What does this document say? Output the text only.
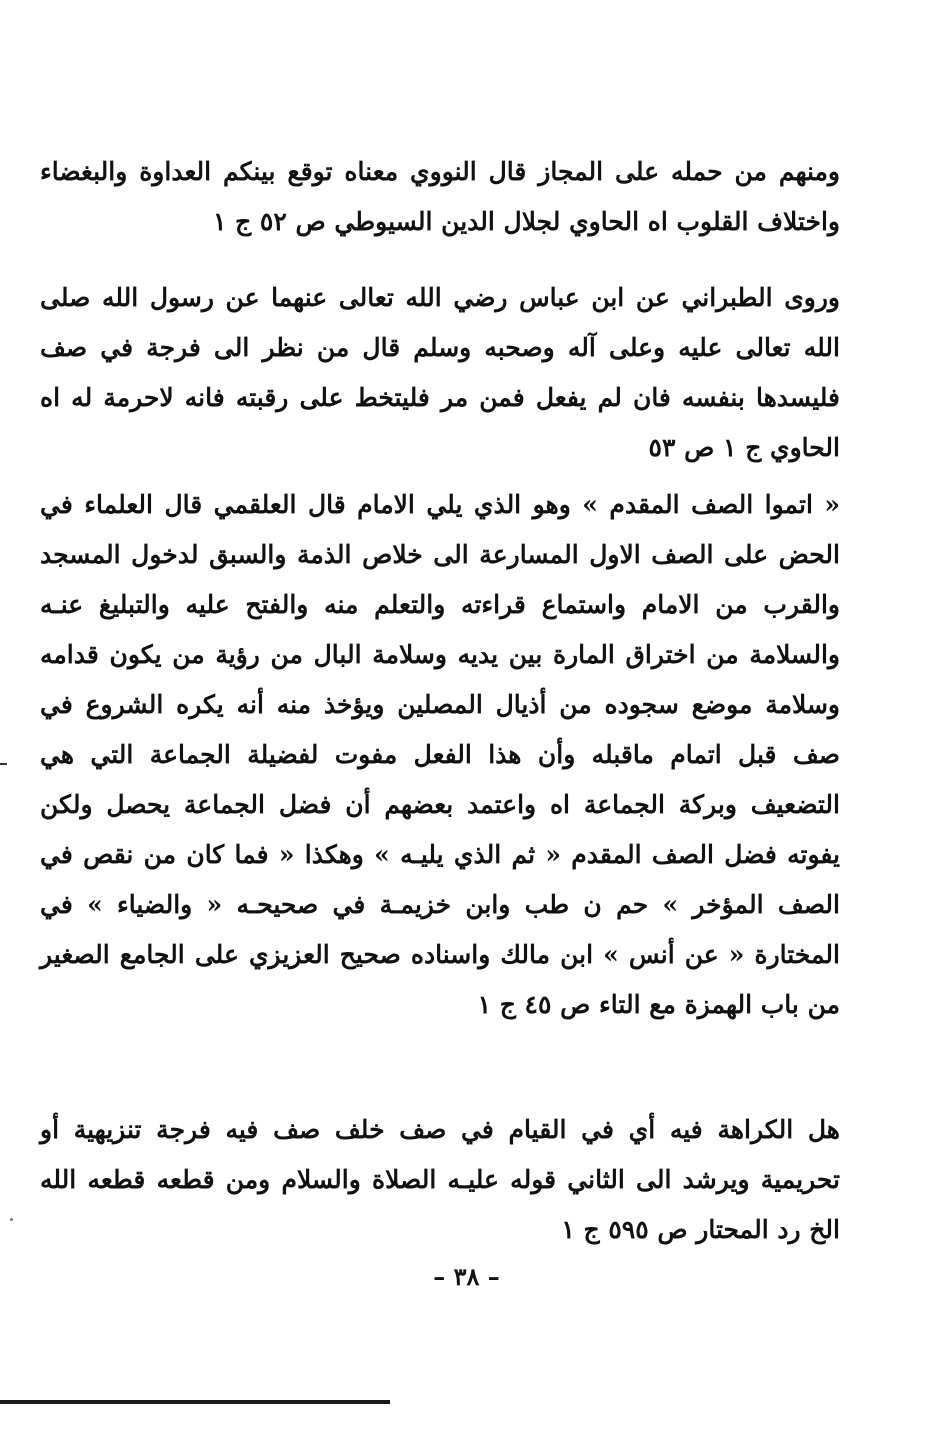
ومنهم من حمله على المجاز قال النووي معناه توقع بينكم العداوة والبغضاء واختلاف القلوب اه الحاوي لجلال الدين السيوطي ص ٥٢ ج ١

وروى الطبراني عن ابن عباس رضي الله تعالى عنهما عن رسول الله صلى الله تعالى عليه وعلى آله وصحبه وسلم قال من نظر الى فرجة في صف فليسدها بنفسه فان لم يفعل فمن مر فليتخط على رقبته فانه لاحرمة له اه الحاوي ج ١ ص ٥٣

« اتموا الصف المقدم » وهو الذي يلي الامام قال العلقمي قال العلماء في الحض على الصف الاول المسارعة الى خلاص الذمة والسبق لدخول المسجد والقرب من الامام واستماع قراءته والتعلم منه والفتح عليه والتبليغ عنـه والسلامة من اختراق المارة بين يديه وسلامة البال من رؤية من يكون قدامه وسلامة موضع سجوده من أذيال المصلين ويؤخذ منه أنه يكره الشروع في صف قبل اتمام ماقبله وأن هذا الفعل مفوت لفضيلة الجماعة التي هي التضعيف وبركة الجماعة اه واعتمد بعضهم أن فضل الجماعة يحصل ولكن يفوته فضل الصف المقدم « ثم الذي يليـه » وهكذا « فما كان من نقص في الصف المؤخر » حم ن طب وابن خزيمـة في صحيحـه « والضياء » في المختارة « عن أنس » ابن مالك واسناده صحيح العزيزي على الجامع الصغير من باب الهمزة مع التاء ص ٤٥ ج ١

هل الكراهة فيه أي في القيام في صف خلف صف فيه فرجة تنزيهية أو تحريمية ويرشد الى الثاني قوله عليـه الصلاة والسلام ومن قطعه قطعه الله الخ رد المحتار ص ٥٩٥ ج ١

– ٣٨ –
